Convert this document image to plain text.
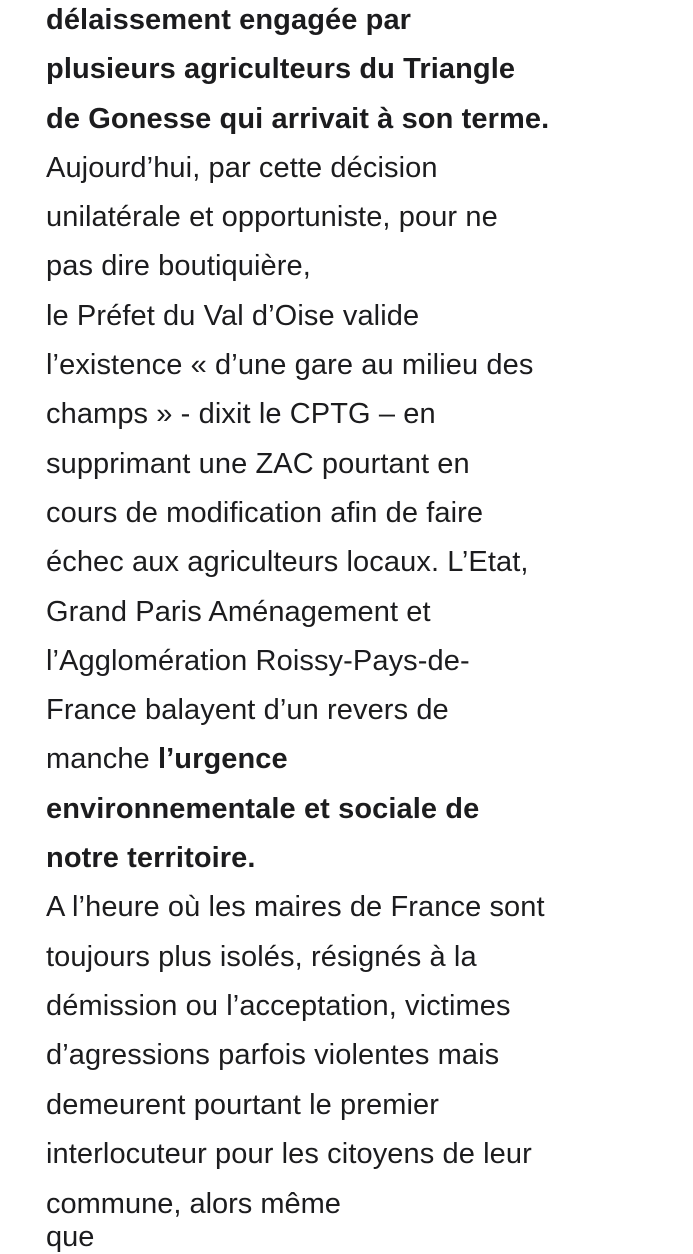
délaissement engagée par
plusieurs agriculteurs du Triangle
de Gonesse qui arrivait à son terme.
Aujourd’hui, par cette décision
unilatérale et opportuniste, pour ne
pas dire boutiquière,
le Préfet du Val d’Oise valide
l’existence « d’une gare au milieu des
champs » - dixit le CPTG – en
supprimant une ZAC pourtant en
cours de modification afin de faire
échec aux agriculteurs locaux. L’Etat,
Grand Paris Aménagement et
l’Agglomération Roissy-Pays-de-
France balayent d’un revers de
manche l’urgence
environnementale et sociale de
notre territoire.
A l’heure où les maires de France sont
toujours plus isolés, résignés à la
démission ou l’acceptation, victimes
d’agressions parfois violentes mais
demeurent pourtant le premier
interlocuteur pour les citoyens de leur
commune, alors même que
